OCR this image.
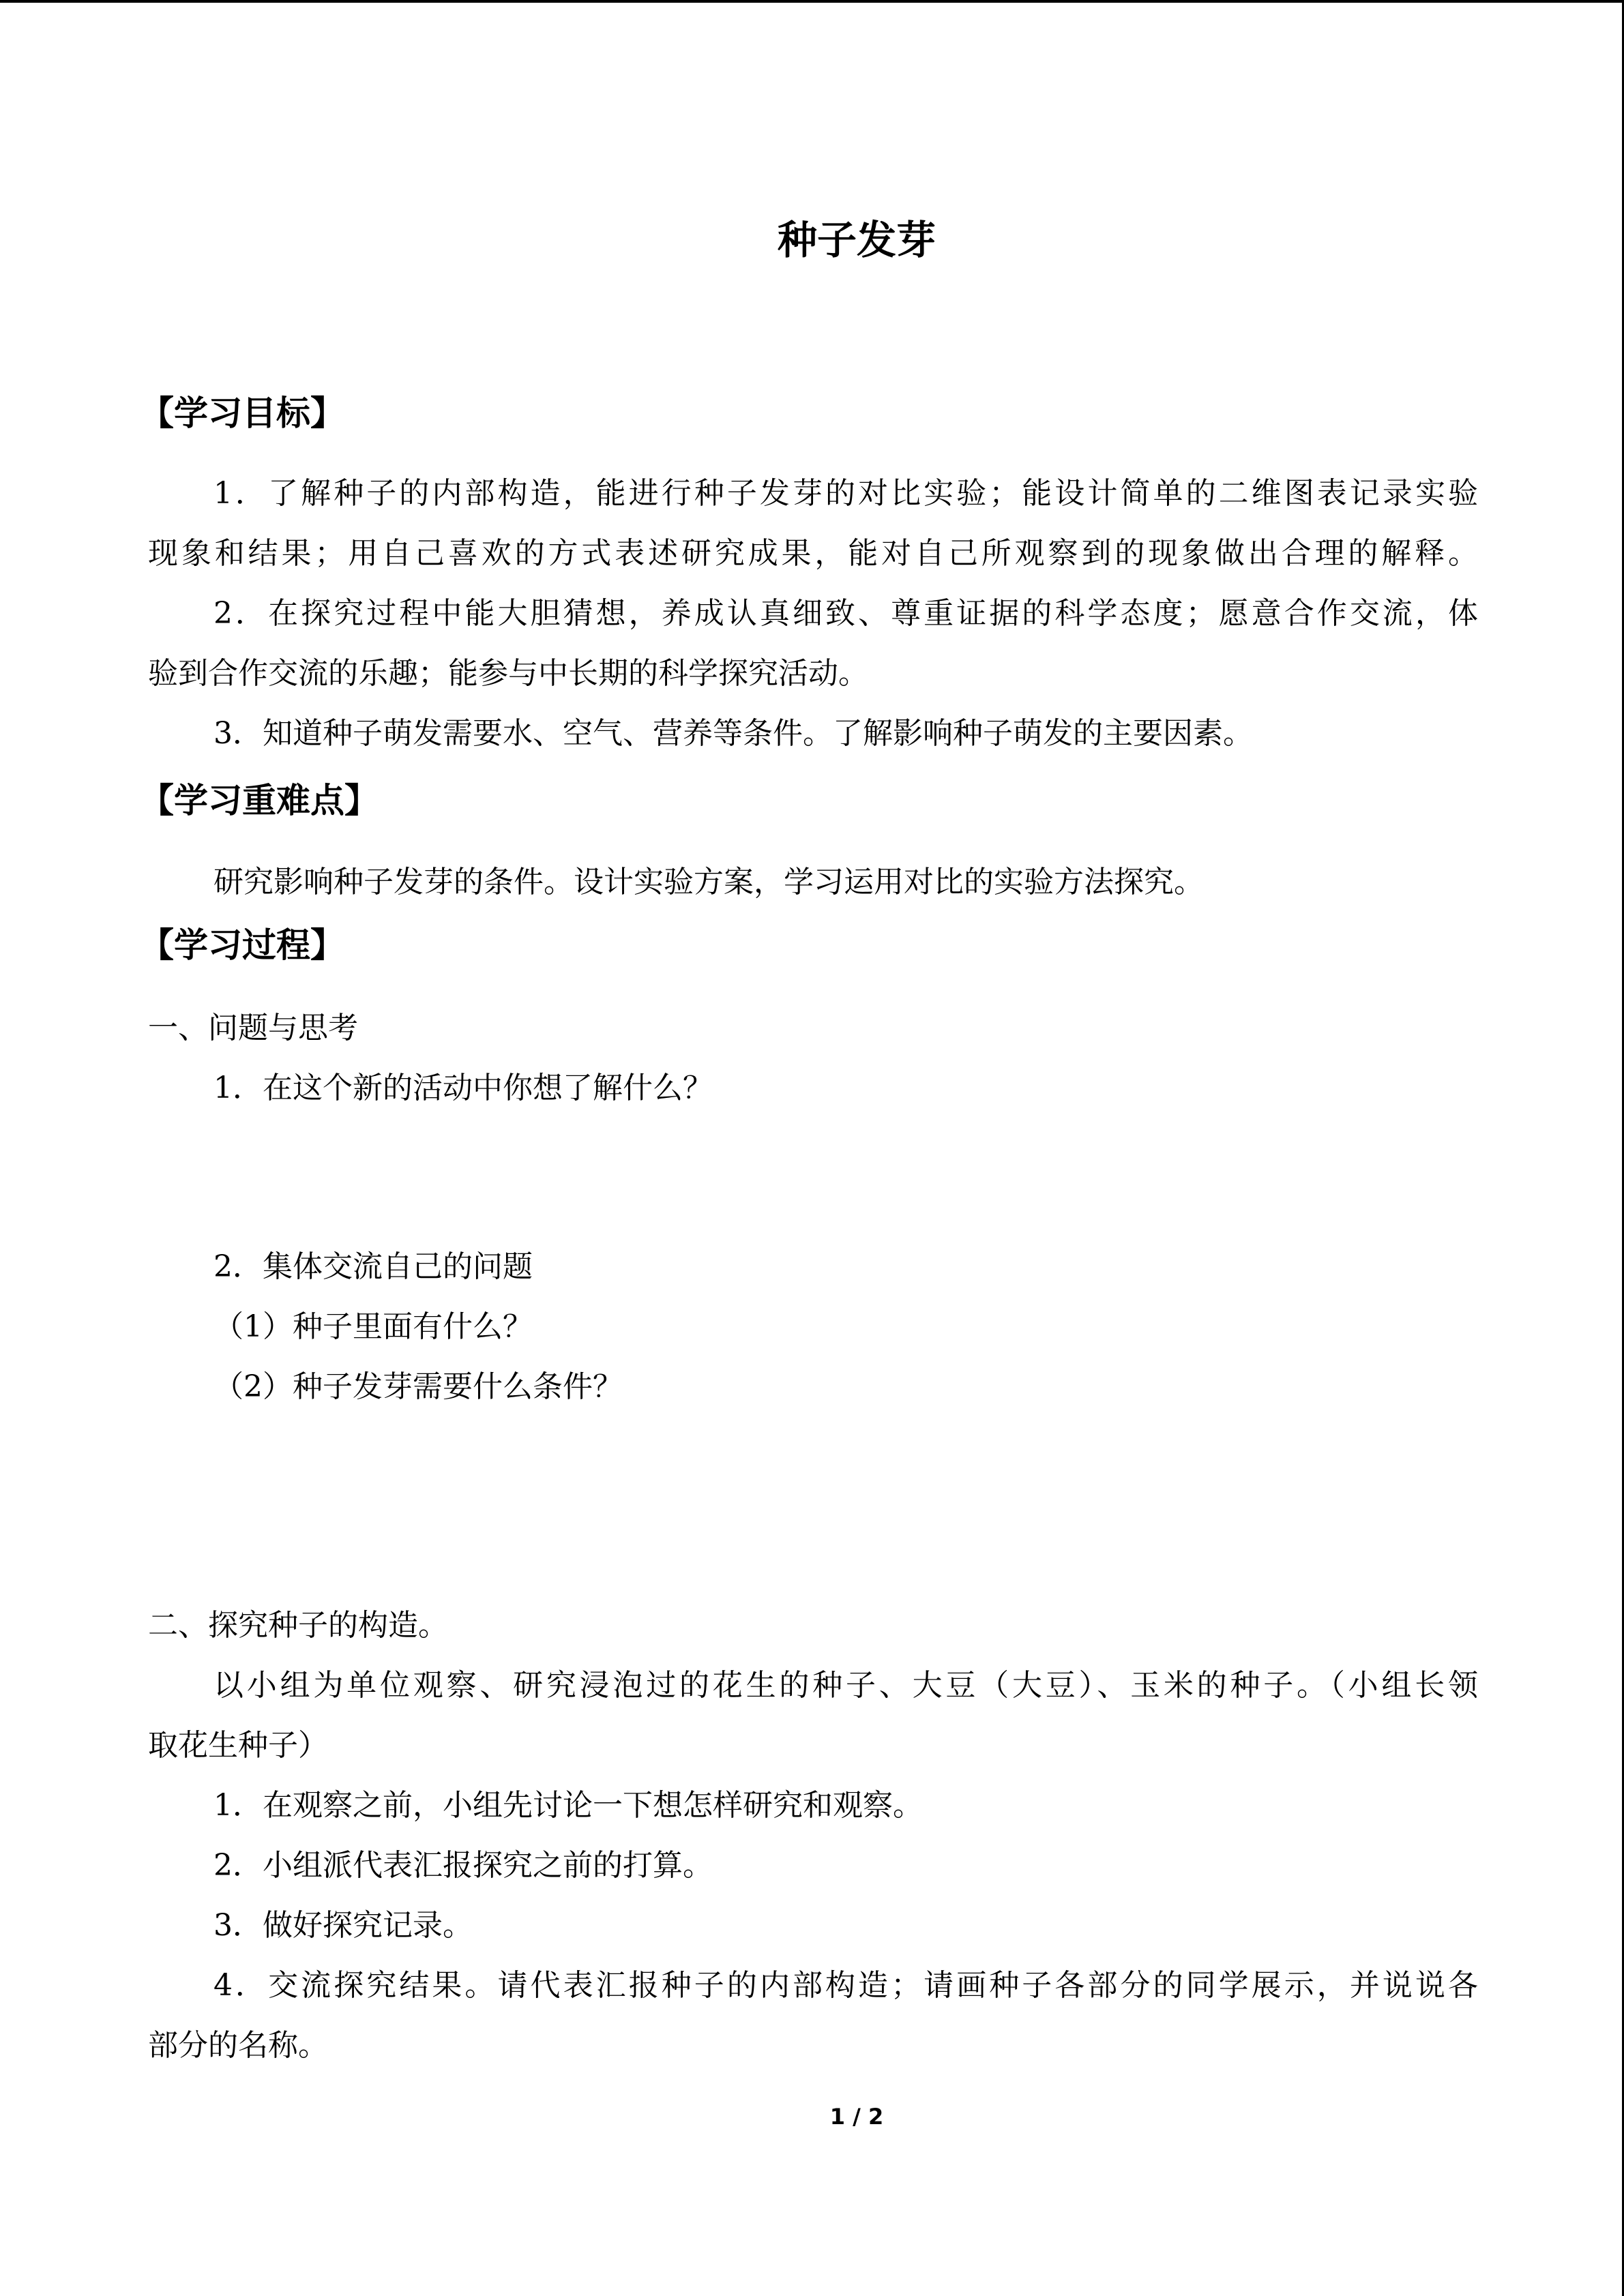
种子发芽
【学习目标】
1．了解种子的内部构造，能进行种子发芽的对比实验；能设计简单的二维图表记录实验
现象和结果；用自己喜欢的方式表述研究成果，能对自己所观察到的现象做出合理的解释。
2．在探究过程中能大胆猜想，养成认真细致、尊重证据的科学态度；愿意合作交流，体
验到合作交流的乐趣；能参与中长期的科学探究活动。
3．知道种子萌发需要水、空气、营养等条件。了解影响种子萌发的主要因素。
【学习重难点】
研究影响种子发芽的条件。设计实验方案，学习运用对比的实验方法探究。
【学习过程】
一、问题与思考
1．在这个新的活动中你想了解什么？
2．集体交流自己的问题
（1）种子里面有什么？
（2）种子发芽需要什么条件？
二、探究种子的构造。
以小组为单位观察、研究浸泡过的花生的种子、大豆（大豆）、玉米的种子。（小组长领
取花生种子）
1．在观察之前，小组先讨论一下想怎样研究和观察。
2．小组派代表汇报探究之前的打算。
3．做好探究记录。
4．交流探究结果。请代表汇报种子的内部构造；请画种子各部分的同学展示，并说说各
部分的名称。
1 / 2
